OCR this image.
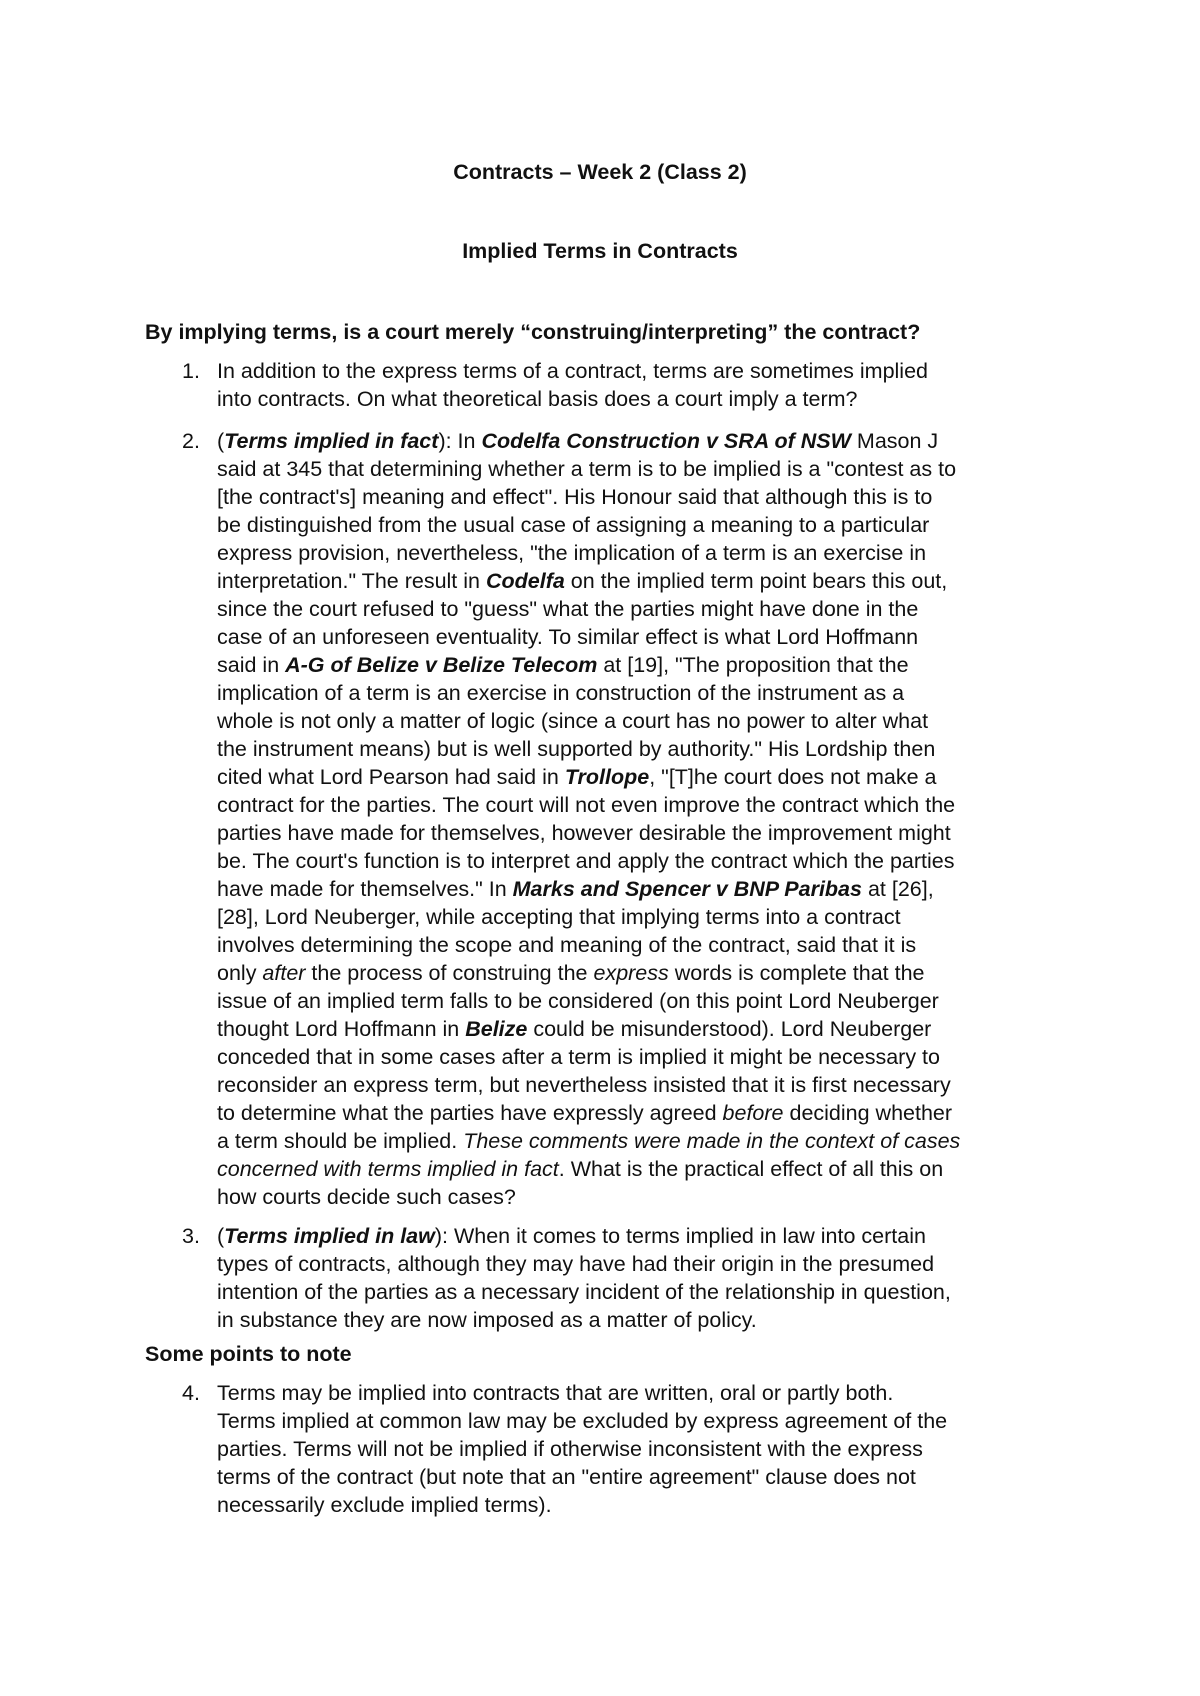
Contracts – Week 2 (Class 2)
Implied Terms in Contracts
By implying terms, is a court merely “construing/interpreting” the contract?
1. In addition to the express terms of a contract, terms are sometimes implied
into contracts. On what theoretical basis does a court imply a term?
2. (Terms implied in fact): In Codelfa Construction v SRA of NSW Mason J
said at 345 that determining whether a term is to be implied is a "contest as to
[the contract's] meaning and effect". His Honour said that although this is to
be distinguished from the usual case of assigning a meaning to a particular
express provision, nevertheless, "the implication of a term is an exercise in
interpretation." The result in Codelfa on the implied term point bears this out,
since the court refused to "guess" what the parties might have done in the
case of an unforeseen eventuality. To similar effect is what Lord Hoffmann
said in A-G of Belize v Belize Telecom at [19], "The proposition that the
implication of a term is an exercise in construction of the instrument as a
whole is not only a matter of logic (since a court has no power to alter what
the instrument means) but is well supported by authority." His Lordship then
cited what Lord Pearson had said in Trollope, "[T]he court does not make a
contract for the parties. The court will not even improve the contract which the
parties have made for themselves, however desirable the improvement might
be. The court's function is to interpret and apply the contract which the parties
have made for themselves." In Marks and Spencer v BNP Paribas at [26],
[28], Lord Neuberger, while accepting that implying terms into a contract
involves determining the scope and meaning of the contract, said that it is
only after the process of construing the express words is complete that the
issue of an implied term falls to be considered (on this point Lord Neuberger
thought Lord Hoffmann in Belize could be misunderstood). Lord Neuberger
conceded that in some cases after a term is implied it might be necessary to
reconsider an express term, but nevertheless insisted that it is first necessary
to determine what the parties have expressly agreed before deciding whether
a term should be implied. These comments were made in the context of cases
concerned with terms implied in fact. What is the practical effect of all this on
how courts decide such cases?
3. (Terms implied in law): When it comes to terms implied in law into certain
types of contracts, although they may have had their origin in the presumed
intention of the parties as a necessary incident of the relationship in question,
in substance they are now imposed as a matter of policy.
Some points to note
4. Terms may be implied into contracts that are written, oral or partly both.
Terms implied at common law may be excluded by express agreement of the
parties. Terms will not be implied if otherwise inconsistent with the express
terms of the contract (but note that an "entire agreement" clause does not
necessarily exclude implied terms).
